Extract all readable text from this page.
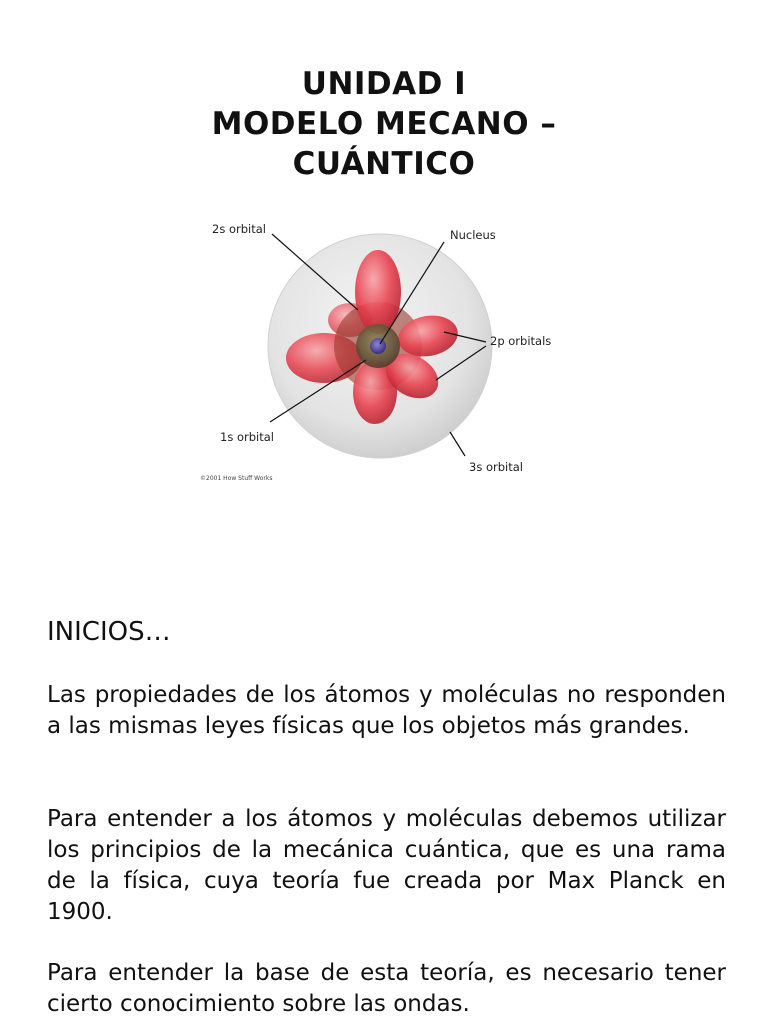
UNIDAD I
MODELO MECANO –
CUÁNTICO
2s orbital	Nucleus
2p orbitals
1s orbital
3s orbital
©2001 How Stuff Works
INICIOS…

Las propiedades de los átomos y moléculas no responden a las mismas leyes físicas que los objetos más grandes.

Para entender a los átomos y moléculas debemos utilizar los principios de la mecánica cuántica, que es una rama de la física, cuya teoría fue creada por Max Planck en 1900.

Para entender la base de esta teoría, es necesario tener cierto conocimiento sobre las ondas.
